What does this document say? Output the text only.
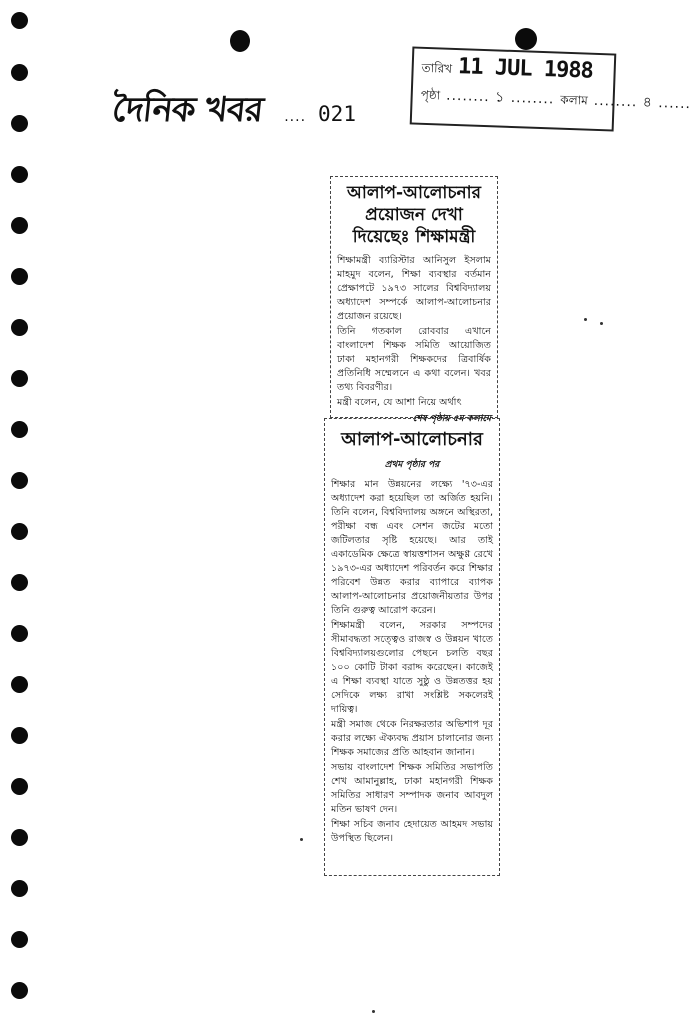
দৈনিক খবর .... 021
তারিখ 11 JUL 1988
পৃষ্ঠা ........ ১ ........ কলাম ........ ৪ ......
আলাপ-আলোচনার প্রয়োজন দেখা দিয়েছেঃ শিক্ষামন্ত্রী

শিক্ষামন্ত্রী ব্যারিস্টার আনিসুল ইসলাম মাহমুদ বলেন, শিক্ষা ব্যবস্থার বর্তমান প্রেক্ষাপটে ১৯৭৩ সালের বিশ্ববিদ্যালয় অধ্যাদেশ সম্পর্কে আলাপ-আলোচনার প্রয়োজন রয়েছে।

তিনি গতকাল রোববার এখানে বাংলাদেশ শিক্ষক সমিতি আয়োজিত ঢাকা মহানগরী শিক্ষকদের ত্রিবার্ষিক প্রতিনিধি সম্মেলনে এ কথা বলেন। খবর তথ্য বিবরণীর।

মন্ত্রী বলেন, যে আশা নিয়ে অর্থাৎ

শেষ পৃষ্ঠায় ৫ম কলামে
আলাপ-আলোচনার
প্রথম পৃষ্ঠার পর

শিক্ষার মান উন্নয়নের লক্ষ্যে '৭৩-এর অধ্যাদেশ করা হয়েছিল তা অর্জিত হয়নি। তিনি বলেন, বিশ্ববিদ্যালয় অঙ্গনে অস্থিরতা, পরীক্ষা বন্ধ এবং সেশন জটের মতো জটিলতার সৃষ্টি হয়েছে। আর তাই একাডেমিক ক্ষেত্রে স্বায়ত্তশাসন অক্ষুণ্ণ রেখে ১৯৭৩-এর অধ্যাদেশ পরিবর্তন করে শিক্ষার পরিবেশ উন্নত করার ব্যাপারে ব্যাপক আলাপ-আলোচনার প্রয়োজনীয়তার উপর তিনি গুরুত্ব আরোপ করেন।

শিক্ষামন্ত্রী বলেন, সরকার সম্পদের সীমাবদ্ধতা সত্ত্বেও রাজস্ব ও উন্নয়ন খাতে বিশ্ববিদ্যালয়গুলোর পেছনে চলতি বছর ১০০ কোটি টাকা বরাদ্দ করেছেন। কাজেই এ শিক্ষা ব্যবস্থা যাতে সুষ্ঠু ও উন্নতত্তর হয় সেদিকে লক্ষ্য রাখা সংশ্লিষ্ট সকলেরই দায়িত্ব।

মন্ত্রী সমাজ থেকে নিরক্ষরতার অভিশাপ দূর করার লক্ষ্যে ঐক্যবদ্ধ প্রয়াস চালানোর জন্য শিক্ষক সমাজের প্রতি আহবান জানান।

সভায় বাংলাদেশ শিক্ষক সমিতির সভাপতি শেখ আমানুল্লাহ, ঢাকা মহানগরী শিক্ষক সমিতির সাধারণ সম্পাদক জনাব আবদুল মতিন ভাষণ দেন।

শিক্ষা সচিব জনাব হেদায়েত আহমদ সভায় উপস্থিত ছিলেন।
